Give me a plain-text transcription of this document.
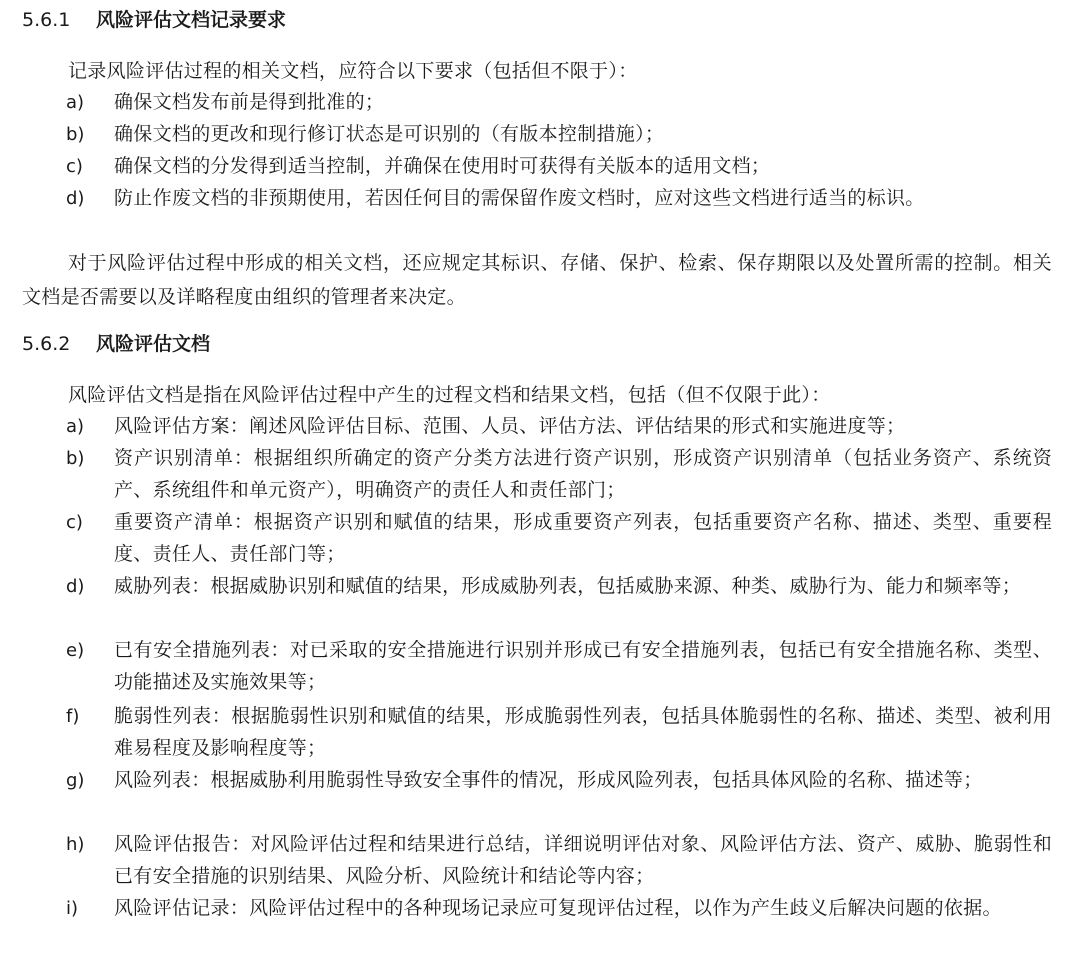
5.6.1 风险评估文档记录要求
记录风险评估过程的相关文档，应符合以下要求（包括但不限于）：
a)	确保文档发布前是得到批准的；
b)	确保文档的更改和现行修订状态是可识别的（有版本控制措施）；
c)	确保文档的分发得到适当控制，并确保在使用时可获得有关版本的适用文档；
d)	防止作废文档的非预期使用，若因任何目的需保留作废文档时，应对这些文档进行适当的标识。
对于风险评估过程中形成的相关文档，还应规定其标识、存储、保护、检索、保存期限以及处置所需的控制。相关文档是否需要以及详略程度由组织的管理者来决定。
5.6.2 风险评估文档
风险评估文档是指在风险评估过程中产生的过程文档和结果文档，包括（但不仅限于此）：
a)	风险评估方案：阐述风险评估目标、范围、人员、评估方法、评估结果的形式和实施进度等；
b)	资产识别清单：根据组织所确定的资产分类方法进行资产识别，形成资产识别清单（包括业务资产、系统资产、系统组件和单元资产），明确资产的责任人和责任部门；
c)	重要资产清单：根据资产识别和赋值的结果，形成重要资产列表，包括重要资产名称、描述、类型、重要程度、责任人、责任部门等；
d)	威胁列表：根据威胁识别和赋值的结果，形成威胁列表，包括威胁来源、种类、威胁行为、能力和频率等；
e)	已有安全措施列表：对已采取的安全措施进行识别并形成已有安全措施列表，包括已有安全措施名称、类型、功能描述及实施效果等；
f)	脆弱性列表：根据脆弱性识别和赋值的结果，形成脆弱性列表，包括具体脆弱性的名称、描述、类型、被利用难易程度及影响程度等；
g)	风险列表：根据威胁利用脆弱性导致安全事件的情况，形成风险列表，包括具体风险的名称、描述等；
h)	风险评估报告：对风险评估过程和结果进行总结，详细说明评估对象、风险评估方法、资产、威胁、脆弱性和已有安全措施的识别结果、风险分析、风险统计和结论等内容；
i)	风险评估记录：风险评估过程中的各种现场记录应可复现评估过程，以作为产生歧义后解决问题的依据。
